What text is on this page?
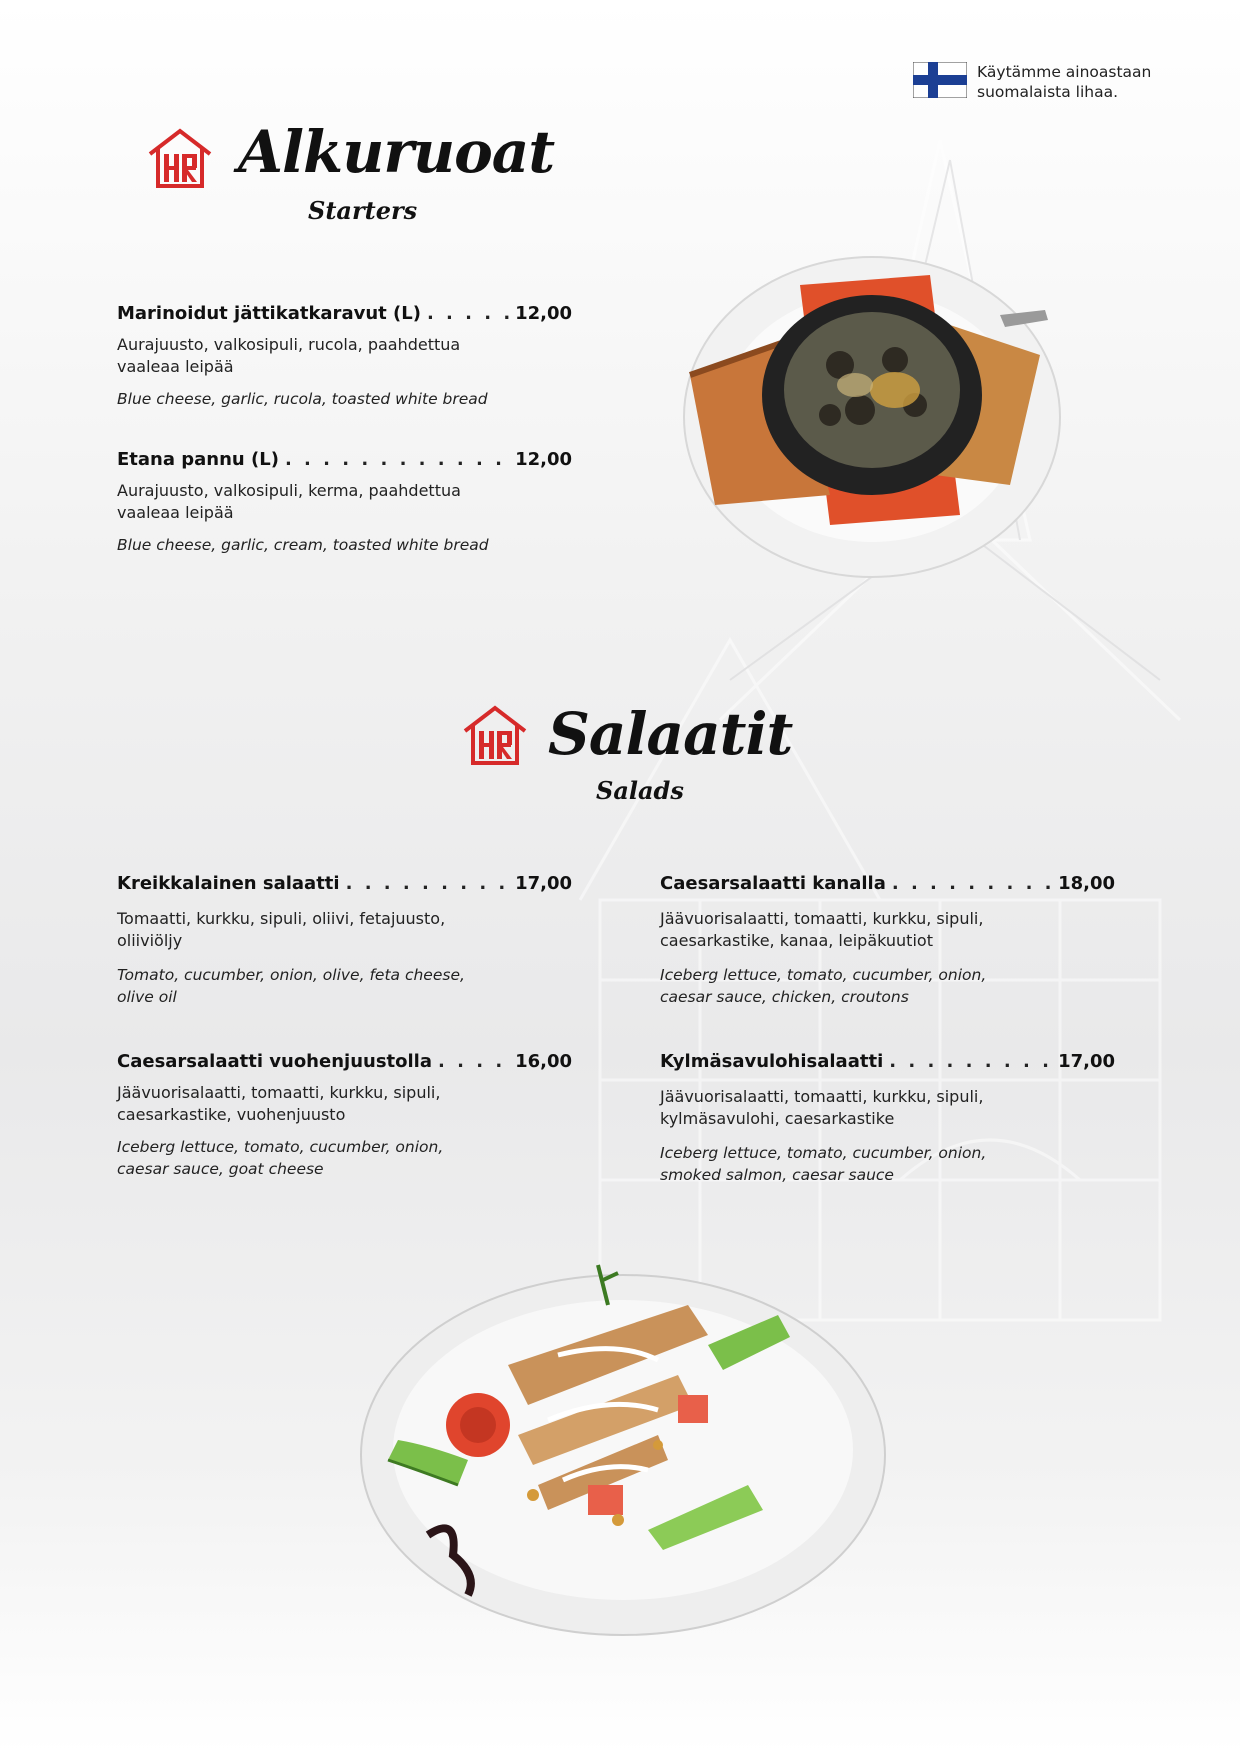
Käytämme ainoastaan
suomalaista lihaa.
Alkuruoat
Starters
Marinoidut jättikatkaravut (L) . . .	12,00
Aurajuusto, valkosipuli, rucola, paahdettua vaaleaa leipää
Blue cheese, garlic, rucola, toasted white bread
Etana pannu (L) . . .	12,00
Aurajuusto, valkosipuli, kerma, paahdettua vaaleaa leipää
Blue cheese, garlic, cream, toasted white bread
Salaatit
Salads
Kreikkalainen salaatti . . .	17,00
Tomaatti, kurkku, sipuli, oliivi, fetajuusto, oliiviöljy
Tomato, cucumber, onion, olive, feta cheese, olive oil
Caesarsalaatti vuohenjuustolla . . .	16,00
Jäävuorisalaatti, tomaatti, kurkku, sipuli, caesarkastike, vuohenjuusto
Iceberg lettuce, tomato, cucumber, onion, caesar sauce, goat cheese
Caesarsalaatti kanalla . . .	18,00
Jäävuorisalaatti, tomaatti, kurkku, sipuli, caesarkastike, kanaa, leipäkuutiot
Iceberg lettuce, tomato, cucumber, onion, caesar sauce, chicken, croutons
Kylmäsavulohisalaatti . . .	17,00
Jäävuorisalaatti, tomaatti, kurkku, sipuli, kylmäsavulohi, caesarkastike
Iceberg lettuce, tomato, cucumber, onion, smoked salmon, caesar sauce
